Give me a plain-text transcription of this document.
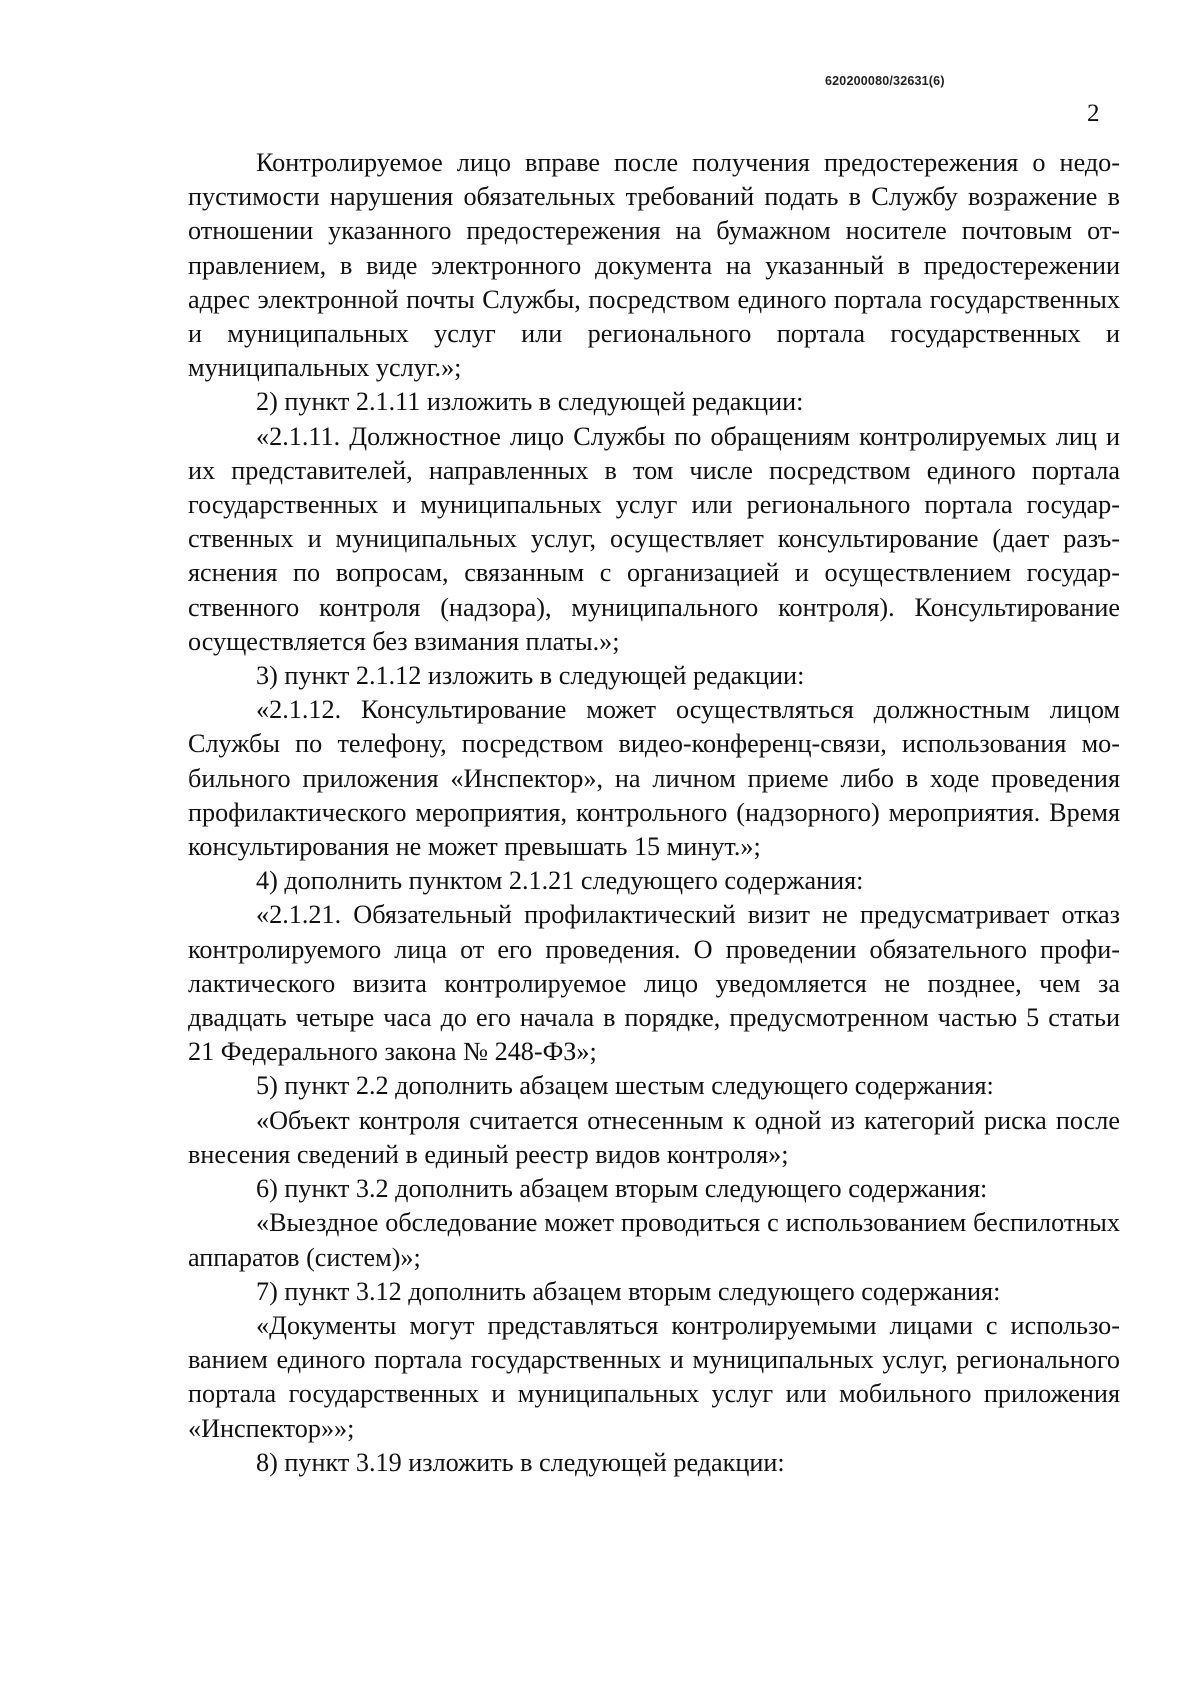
620200080/32631(6)
2

Контролируемое лицо вправе после получения предостережения о недопустимости нарушения обязательных требований подать в Службу возражение в отношении указанного предостережения на бумажном носителе почтовым отправлением, в виде электронного документа на указанный в предостережении адрес электронной почты Службы, посредством единого портала государственных и муниципальных услуг или регионального портала государственных и муниципальных услуг.»;

2) пункт 2.1.11 изложить в следующей редакции:

«2.1.11. Должностное лицо Службы по обращениям контролируемых лиц и их представителей, направленных в том числе посредством единого портала государственных и муниципальных услуг или регионального портала государственных и муниципальных услуг, осуществляет консультирование (дает разъяснения по вопросам, связанным с организацией и осуществлением государственного контроля (надзора), муниципального контроля). Консультирование осуществляется без взимания платы.»;

3) пункт 2.1.12 изложить в следующей редакции:

«2.1.12. Консультирование может осуществляться должностным лицом Службы по телефону, посредством видео-конференц-связи, использования мобильного приложения «Инспектор», на личном приеме либо в ходе проведения профилактического мероприятия, контрольного (надзорного) мероприятия. Время консультирования не может превышать 15 минут.»;

4) дополнить пунктом 2.1.21 следующего содержания:

«2.1.21. Обязательный профилактический визит не предусматривает отказ контролируемого лица от его проведения. О проведении обязательного профилактического визита контролируемое лицо уведомляется не позднее, чем за двадцать четыре часа до его начала в порядке, предусмотренном частью 5 статьи 21 Федерального закона № 248-ФЗ»;

5) пункт 2.2 дополнить абзацем шестым следующего содержания:

«Объект контроля считается отнесенным к одной из категорий риска после внесения сведений в единый реестр видов контроля»;

6) пункт 3.2 дополнить абзацем вторым следующего содержания:

«Выездное обследование может проводиться с использованием беспилотных аппаратов (систем)»;

7) пункт 3.12 дополнить абзацем вторым следующего содержания:

«Документы могут представляться контролируемыми лицами с использованием единого портала государственных и муниципальных услуг, регионального портала государственных и муниципальных услуг или мобильного приложения «Инспектор»»;

8) пункт 3.19 изложить в следующей редакции:
